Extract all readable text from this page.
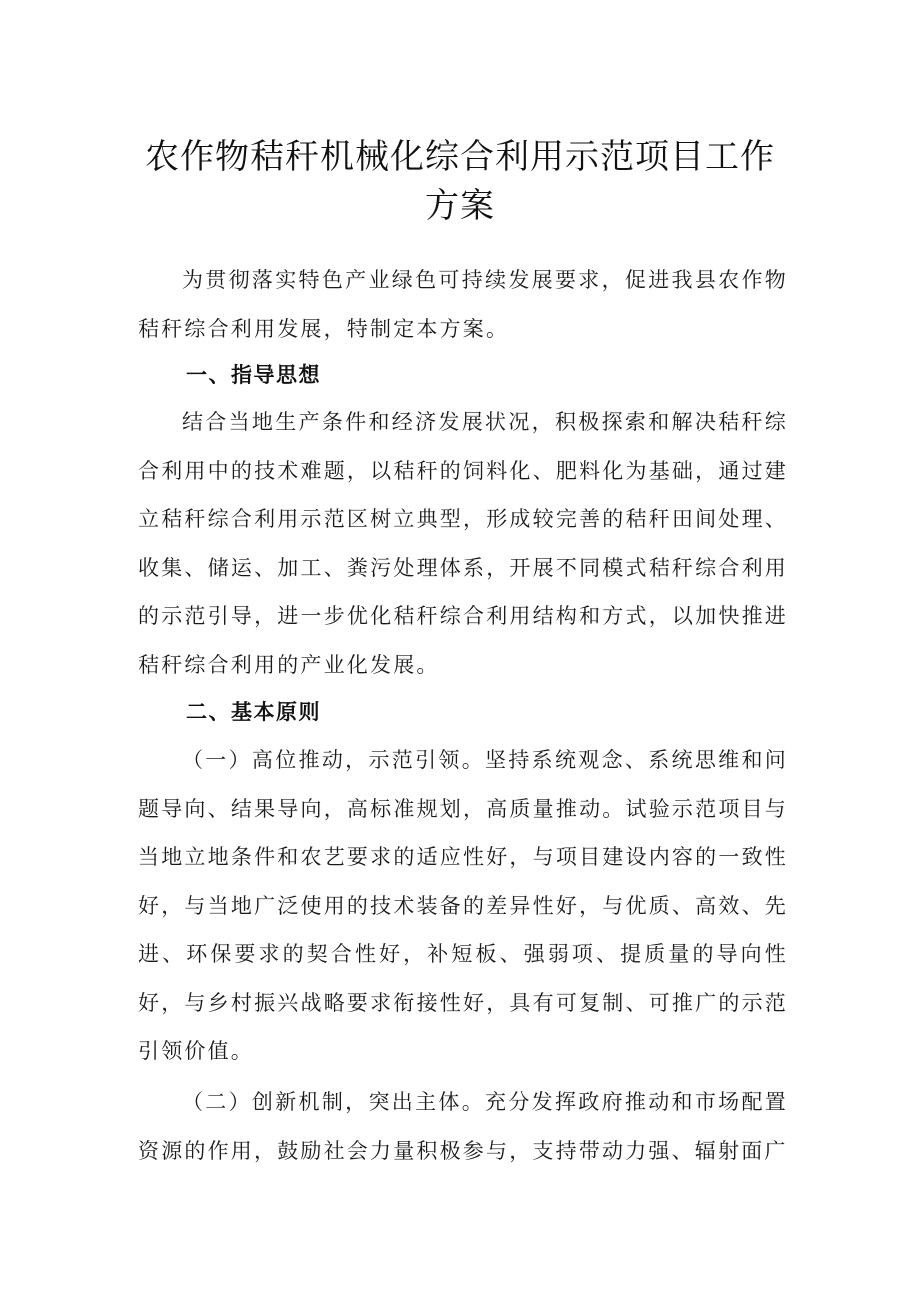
农作物秸秆机械化综合利用示范项目工作
方案

为贯彻落实特色产业绿色可持续发展要求，促进我县农作物秸秆综合利用发展，特制定本方案。

一、指导思想

结合当地生产条件和经济发展状况，积极探索和解决秸秆综合利用中的技术难题，以秸秆的饲料化、肥料化为基础，通过建立秸秆综合利用示范区树立典型，形成较完善的秸秆田间处理、收集、储运、加工、粪污处理体系，开展不同模式秸秆综合利用的示范引导，进一步优化秸秆综合利用结构和方式，以加快推进秸秆综合利用的产业化发展。

二、基本原则

（一）高位推动，示范引领。坚持系统观念、系统思维和问题导向、结果导向，高标准规划，高质量推动。试验示范项目与当地立地条件和农艺要求的适应性好，与项目建设内容的一致性好，与当地广泛使用的技术装备的差异性好，与优质、高效、先进、环保要求的契合性好，补短板、强弱项、提质量的导向性好，与乡村振兴战略要求衔接性好，具有可复制、可推广的示范引领价值。

（二）创新机制，突出主体。充分发挥政府推动和市场配置资源的作用，鼓励社会力量积极参与，支持带动力强、辐射面广
